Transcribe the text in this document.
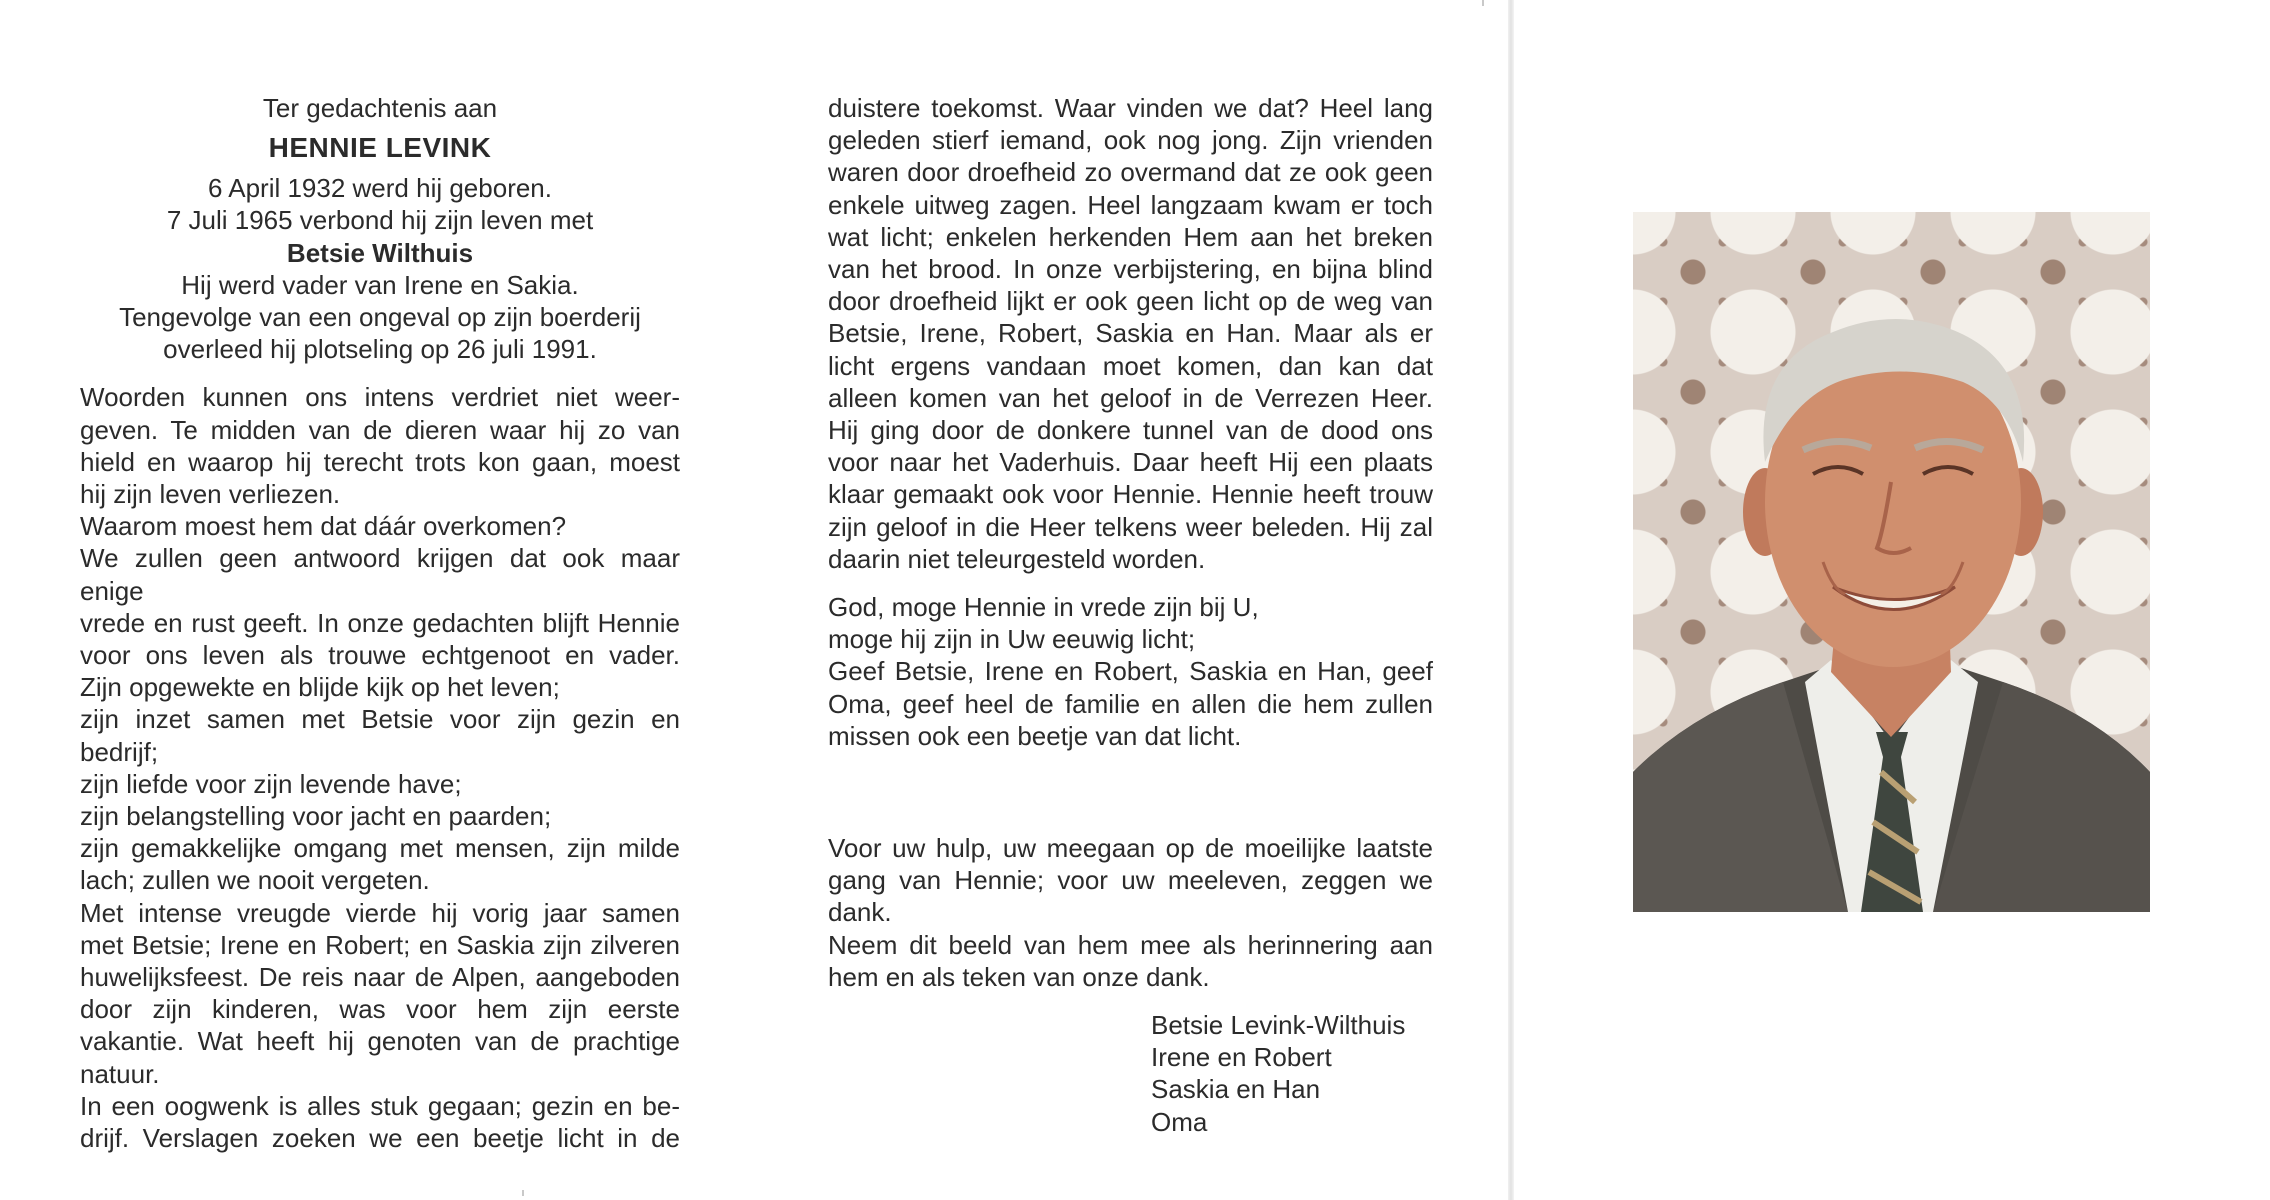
Ter gedachtenis aan

HENNIE LEVINK

6 April 1932 werd hij geboren.

7 Juli 1965 verbond hij zijn leven met

Betsie Wilthuis

Hij werd vader van Irene en Sakia.

Tengevolge van een ongeval op zijn boerderij

overleed hij plotseling op 26 juli 1991.

Woorden kunnen ons intens verdriet niet weer-

geven. Te midden van de dieren waar hij zo van

hield en waarop hij terecht trots kon gaan, moest

hij zijn leven verliezen.

Waarom moest hem dat dáár overkomen?

We zullen geen antwoord krijgen dat ook maar enige

vrede en rust geeft. In onze gedachten blijft Hennie

voor ons leven als trouwe echtgenoot en vader.

Zijn opgewekte en blijde kijk op het leven;

zijn inzet samen met Betsie voor zijn gezin en

bedrijf;

zijn liefde voor zijn levende have;

zijn belangstelling voor jacht en paarden;

zijn gemakkelijke omgang met mensen, zijn milde

lach; zullen we nooit vergeten.

Met intense vreugde vierde hij vorig jaar samen

met Betsie; Irene en Robert; en Saskia zijn zilveren

huwelijksfeest. De reis naar de Alpen, aangeboden

door zijn kinderen, was voor hem zijn eerste

vakantie. Wat heeft hij genoten van de prachtige

natuur.

In een oogwenk is alles stuk gegaan; gezin en be-

drijf. Verslagen zoeken we een beetje licht in de

duistere toekomst. Waar vinden we dat? Heel lang

geleden stierf iemand, ook nog jong. Zijn vrienden

waren door droefheid zo overmand dat ze ook geen

enkele uitweg zagen. Heel langzaam kwam er toch

wat licht; enkelen herkenden Hem aan het breken

van het brood. In onze verbijstering, en bijna blind

door droefheid lijkt er ook geen licht op de weg van

Betsie, Irene, Robert, Saskia en Han. Maar als er

licht ergens vandaan moet komen, dan kan dat

alleen komen van het geloof in de Verrezen Heer.

Hij ging door de donkere tunnel van de dood ons

voor naar het Vaderhuis. Daar heeft Hij een plaats

klaar gemaakt ook voor Hennie. Hennie heeft trouw

zijn geloof in die Heer telkens weer beleden. Hij zal

daarin niet teleurgesteld worden.

God, moge Hennie in vrede zijn bij U,

moge hij zijn in Uw eeuwig licht;

Geef Betsie, Irene en Robert, Saskia en Han, geef

Oma, geef heel de familie en allen die hem zullen

missen ook een beetje van dat licht.

Voor uw hulp, uw meegaan op de moeilijke laatste

gang van Hennie; voor uw meeleven, zeggen we

dank.

Neem dit beeld van hem mee als herinnering aan

hem en als teken van onze dank.

Betsie Levink-Wilthuis

Irene en Robert

Saskia en Han

Oma
